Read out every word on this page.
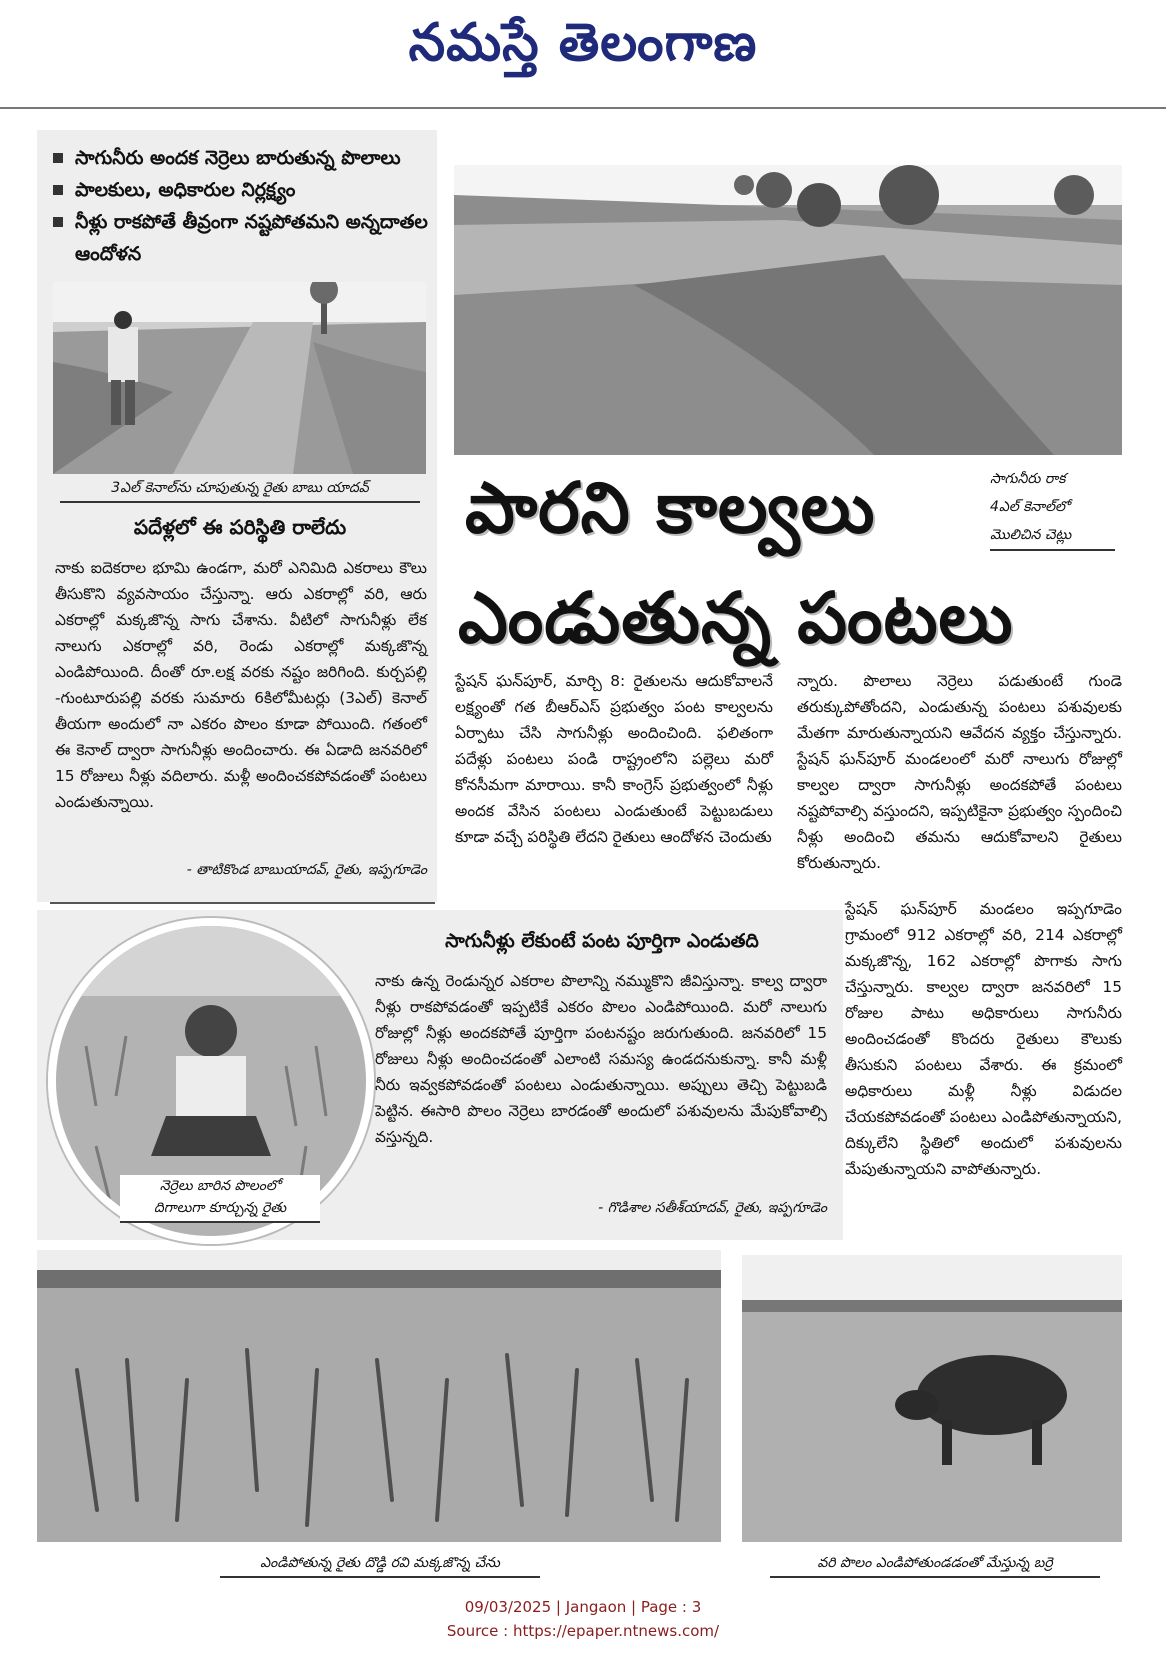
నమస్తే తెలంగాణ
సాగునీరు అందక నెర్రెలు బారుతున్న పొలాలు
పాలకులు, అధికారుల నిర్లక్ష్యం
నీళ్లు రాకపోతే తీవ్రంగా నష్టపోతమని అన్నదాతల ఆందోళన
3ఎల్ కెనాల్‌ను చూపుతున్న రైతు బాబు యాదవ్
పదేళ్లలో ఈ పరిస్థితి రాలేదు

నాకు ఐదెకరాల భూమి ఉండగా, మరో ఎనిమిది ఎకరాలు కౌలు తీసుకొని వ్యవసాయం చేస్తున్నా. ఆరు ఎకరాల్లో వరి, ఆరు ఎకరాల్లో మక్కజొన్న సాగు చేశాను. వీటిలో సాగునీళ్లు లేక నాలుగు ఎకరాల్లో వరి, రెండు ఎకరాల్లో మక్కజొన్న ఎండిపోయింది. దీంతో రూ.లక్ష వరకు నష్టం జరిగింది. కుర్చపల్లి -గుంటూరుపల్లి వరకు సుమారు 6కిలోమీటర్లు (3ఎల్) కెనాల్ తీయగా అందులో నా ఎకరం పొలం కూడా పోయింది. గతంలో ఈ కెనాల్ ద్వారా సాగునీళ్లు అందించారు. ఈ ఏడాది జనవరిలో 15 రోజులు నీళ్లు వదిలారు. మళ్లీ అందించకపోవడంతో పంటలు ఎండుతున్నాయి.

- తాటికొండ బాబుయాదవ్, రైతు, ఇప్పగూడెం
సాగునీరు రాక
4ఎల్ కెనాల్‌లో
మొలిచిన చెట్లు
పారని కాల్వలు
ఎండుతున్న పంటలు

స్టేషన్ ఘన్‌పూర్, మార్చి 8: రైతులను ఆదుకోవాలనే లక్ష్యంతో గత బీఆర్‌ఎస్ ప్రభుత్వం పంట కాల్వలను ఏర్పాటు చేసి సాగునీళ్లు అందించింది. ఫలితంగా పదేళ్లు పంటలు పండి రాష్ట్రంలోని పల్లెలు మరో కోనసీమగా మారాయి. కానీ కాంగ్రెస్ ప్రభుత్వంలో నీళ్లు అందక వేసిన పంటలు ఎండుతుంటే పెట్టుబడులు కూడా వచ్చే పరిస్థితి లేదని రైతులు ఆందోళన చెందుతు

న్నారు. పొలాలు నెర్రెలు పడుతుంటే గుండె తరుక్కుపోతోందని, ఎండుతున్న పంటలు పశువులకు మేతగా మారుతున్నాయని ఆవేదన వ్యక్తం చేస్తున్నారు. స్టేషన్ ఘన్‌పూర్ మండలంలో మరో నాలుగు రోజుల్లో కాల్వల ద్వారా సాగునీళ్లు అందకపోతే పంటలు నష్టపోవాల్సి వస్తుందని, ఇప్పటికైనా ప్రభుత్వం స్పందించి నీళ్లు అందించి తమను ఆదుకోవాలని రైతులు కోరుతున్నారు.

స్టేషన్ ఘన్‌పూర్ మండలం ఇప్పగూడెం గ్రామంలో 912 ఎకరాల్లో వరి, 214 ఎకరాల్లో మక్కజొన్న, 162 ఎకరాల్లో పొగాకు సాగు చేస్తున్నారు. కాల్వల ద్వారా జనవరిలో 15 రోజుల పాటు అధికారులు సాగునీరు అందించడంతో కొందరు రైతులు కౌలుకు తీసుకుని పంటలు వేశారు. ఈ క్రమంలో అధికారులు మళ్లీ నీళ్లు విడుదల చేయకపోవడంతో పంటలు ఎండిపోతున్నాయని, దిక్కులేని స్థితిలో అందులో పశువులను మేపుతున్నాయని వాపోతున్నారు.

నెర్రెలు బారిన పొలంలో
దిగాలుగా కూర్చున్న రైతు
సాగునీళ్లు లేకుంటే పంట పూర్తిగా ఎండుతది

నాకు ఉన్న రెండున్నర ఎకరాల పొలాన్ని నమ్ముకొని జీవిస్తున్నా. కాల్వ ద్వారా నీళ్లు రాకపోవడంతో ఇప్పటికే ఎకరం పొలం ఎండిపోయింది. మరో నాలుగు రోజుల్లో నీళ్లు అందకపోతే పూర్తిగా పంటనష్టం జరుగుతుంది. జనవరిలో 15 రోజులు నీళ్లు అందించడంతో ఎలాంటి సమస్య ఉండదనుకున్నా. కానీ మళ్లీ నీరు ఇవ్వకపోవడంతో పంటలు ఎండుతున్నాయి. అప్పులు తెచ్చి పెట్టుబడి పెట్టిన. ఈసారి పొలం నెర్రెలు బారడంతో అందులో పశువులను మేపుకోవాల్సి వస్తున్నది.

- గొడిశాల సతీశ్‌యాదవ్, రైతు, ఇప్పగూడెం
ఎండిపోతున్న రైతు దొడ్డి రవి మక్కజొన్న చేను	వరి పొలం ఎండిపోతుండడంతో మేస్తున్న బర్రె
09/03/2025 | Jangaon | Page : 3
Source : https://epaper.ntnews.com/
